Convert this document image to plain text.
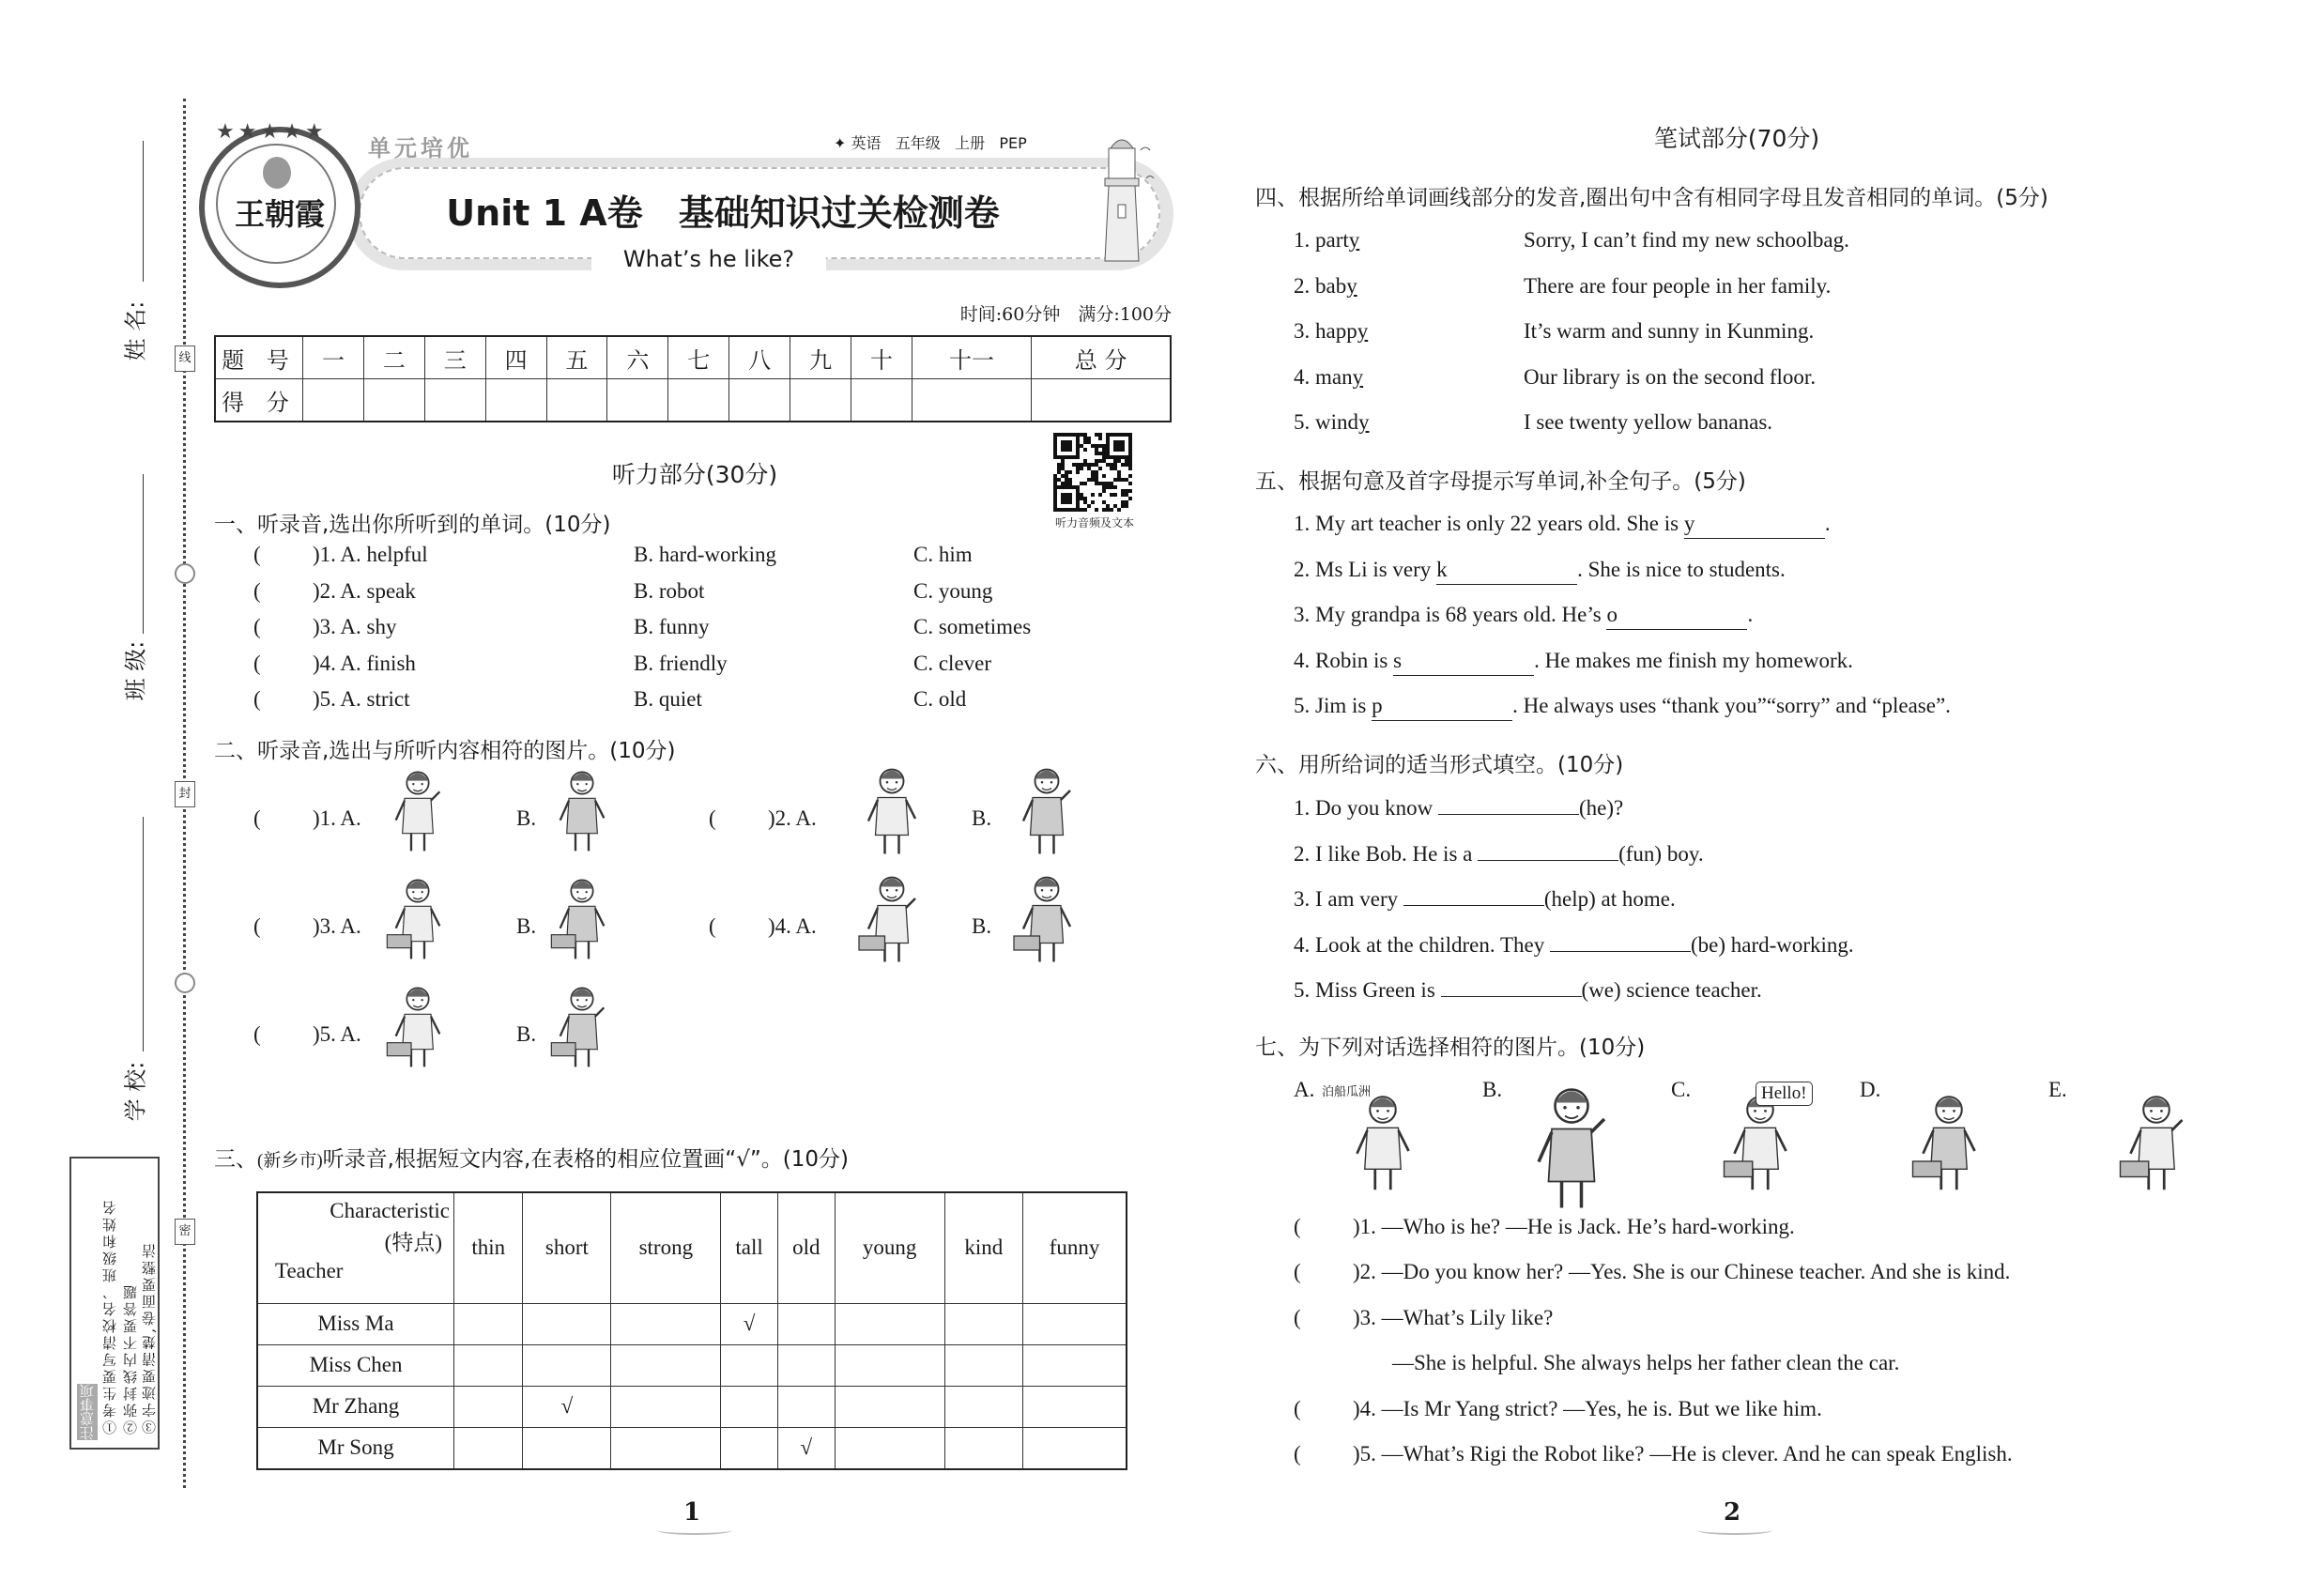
姓 名:
班 级:
学 校:
线
封
密
注意事项 ①考生要写清校名、班级和姓名 ②弥封线内不要答题 ③字迹要清楚,卷面要整洁
王朝霞
★★★★★
单元培优	✦ 英语 五年级 上册 PEP
Unit 1 A卷　基础知识过关检测卷
What’s he like?
时间:60分钟　满分:100分
题 号	一	二	三	四	五	六	七	八	九	十	十一	总 分
得 分												
听力部分(30分)
听力音频及文本
一、听录音,选出你所听到的单词。(10分)
( )1. A. helpful	B. hard-working	C. him
( )2. A. speak	B. robot	C. young
( )3. A. shy	B. funny	C. sometimes
( )4. A. finish	B. friendly	C. clever
( )5. A. strict	B. quiet	C. old
二、听录音,选出与所听内容相符的图片。(10分)
( )1. A.	B.	( )2. A.	B.
( )3. A.	B.	( )4. A.	B.
( )5. A.	B.
三、(新乡市)听录音,根据短文内容,在表格的相应位置画“√”。(10分)
Characteristic
(特点)
Teacher	thin	short	strong	tall	old	young	kind	funny
Miss Ma				√				
Miss Chen								
Mr Zhang		√						
Mr Song					√			
1
笔试部分(70分)
四、根据所给单词画线部分的发音,圈出句中含有相同字母且发音相同的单词。(5分)
1. party	Sorry, I can’t find my new schoolbag.
2. baby	There are four people in her family.
3. happy	It’s warm and sunny in Kunming.
4. many	Our library is on the second floor.
5. windy	I see twenty yellow bananas.
五、根据句意及首字母提示写单词,补全句子。(5分)
1. My art teacher is only 22 years old. She is y	.
2. Ms Li is very k	. She is nice to students.
3. My grandpa is 68 years old. He’s o	.
4. Robin is s	. He makes me finish my homework.
5. Jim is p	. He always uses “thank you”“sorry” and “please”.
六、用所给词的适当形式填空。(10分)
1. Do you know	(he)?
2. I like Bob. He is a	(fun) boy.
3. I am very	(help) at home.
4. Look at the children. They	(be) hard-working.
5. Miss Green is	(we) science teacher.
七、为下列对话选择相符的图片。(10分)
A. 泊船瓜洲	B.	C.	Hello! D.	E.
( )1. —Who is he? —He is Jack. He’s hard-working.
( )2. —Do you know her? —Yes. She is our Chinese teacher. And she is kind.
( )3. —What’s Lily like?
—She is helpful. She always helps her father clean the car.
( )4. —Is Mr Yang strict? —Yes, he is. But we like him.
( )5. —What’s Rigi the Robot like? —He is clever. And he can speak English.
2
